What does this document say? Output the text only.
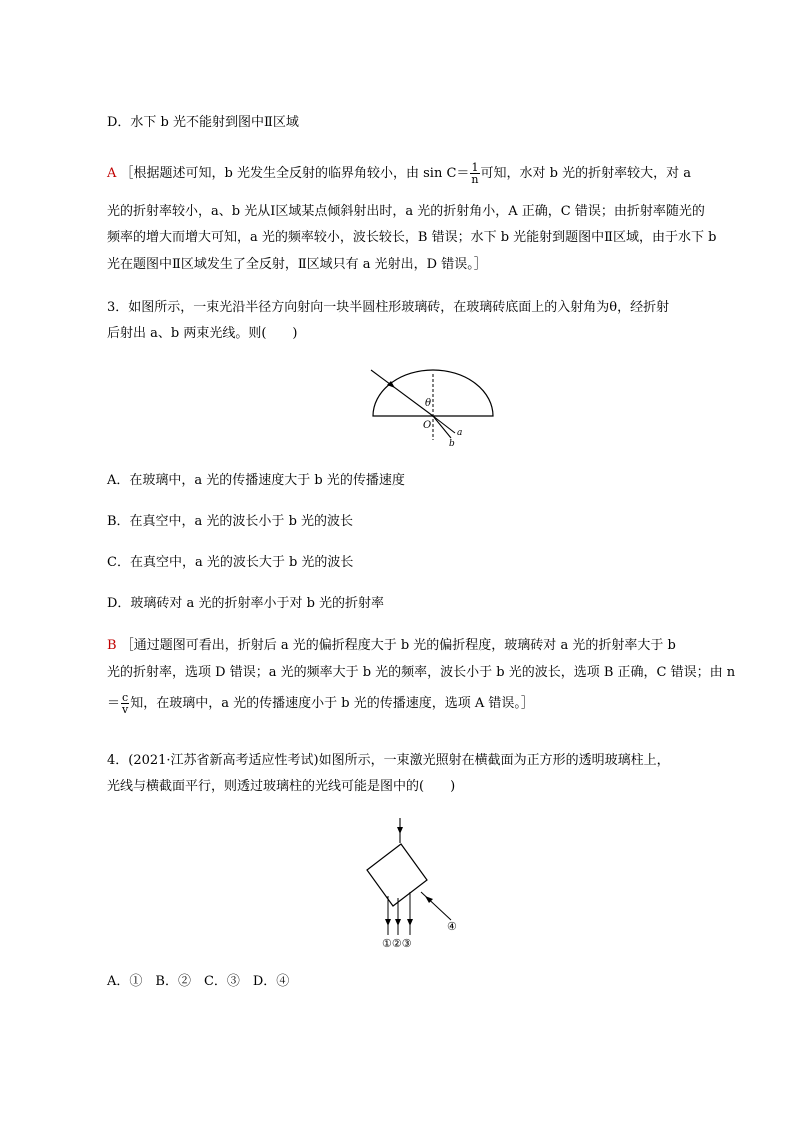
D．水下 b 光不能射到图中Ⅱ区域
A ［根据题述可知，b 光发生全反射的临界角较小，由 $\sin C= \frac{1}{n}$ 可知，水对 b 光的折射率较大，对 a
光的折射率较小，a、b 光从Ⅰ区域某点倾斜射出时，a 光的折射角小，A 正确，C 错误；由折射率随光的
频率的增大而增大可知，a 光的频率较小，波长较长，B 错误；水下 b 光能射到题图中Ⅱ区域，由于水下 b
光在题图中Ⅱ区域发生了全反射，Ⅱ区域只有 a 光射出，D 错误。］
3．如图所示，一束光沿半径方向射向一块半圆柱形玻璃砖，在玻璃砖底面上的入射角为θ，经折射
后射出 a、b 两束光线。则(　　)
θ
O
a
b
A．在玻璃中，a 光的传播速度大于 b 光的传播速度
B．在真空中，a 光的波长小于 b 光的波长
C．在真空中，a 光的波长大于 b 光的波长
D．玻璃砖对 a 光的折射率小于对 b 光的折射率
B ［通过题图可看出，折射后 a 光的偏折程度大于 b 光的偏折程度，玻璃砖对 a 光的折射率大于 b
光的折射率，选项 D 错误；a 光的频率大于 b 光的频率，波长小于 b 光的波长，选项 B 正确，C 错误；由 n
＝ $\frac{c}{v}$ 知，在玻璃中，a 光的传播速度小于 b 光的传播速度，选项 A 错误。］
4．(2021·江苏省新高考适应性考试)如图所示，一束激光照射在横截面为正方形的透明玻璃柱上，
光线与横截面平行，则透过玻璃柱的光线可能是图中的(　　)
①②③
④
A．①　B．②　C．③　D．④
